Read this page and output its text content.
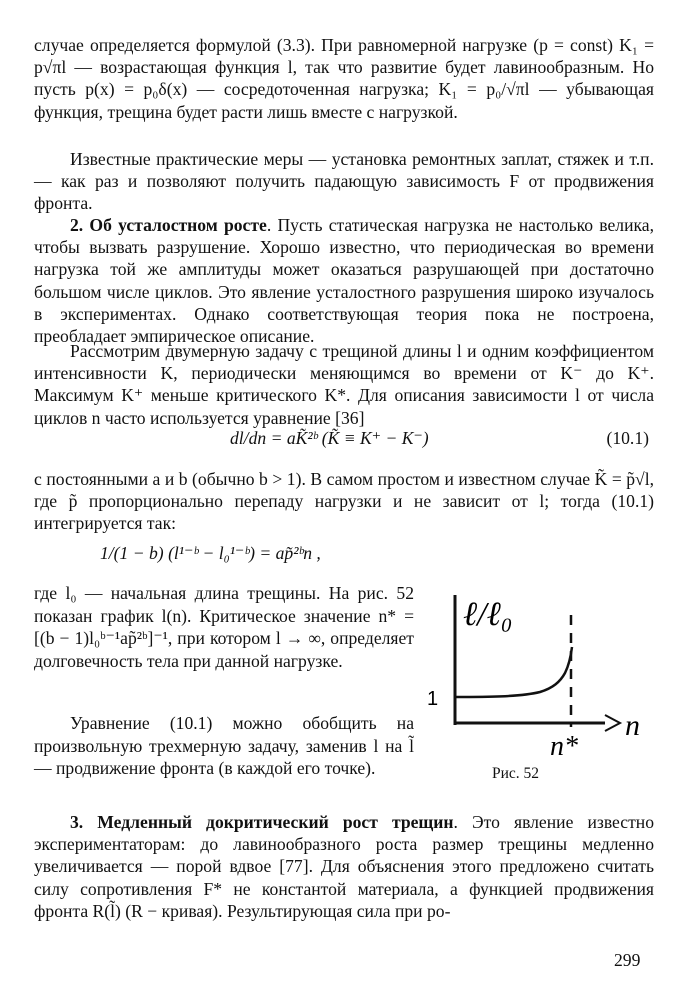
случае определяется формулой (3.3). При равномерной нагрузке (p = const) K₁ = p√πl — возрастающая функция l, так что развитие будет лавинообразным. Но пусть p(x) = p₀δ(x) — сосредоточенная нагрузка; K₁ = p₀/√πl — убывающая функция, трещина будет расти лишь вместе с нагрузкой.

Известные практические меры — установка ремонтных заплат, стяжек и т.п. — как раз и позволяют получить падающую зависимость F от продвижения фронта.

2. Об усталостном росте. Пусть статическая нагрузка не настолько велика, чтобы вызвать разрушение. Хорошо известно, что периодическая во времени нагрузка той же амплитуды может оказаться разрушающей при достаточно большом числе циклов. Это явление усталостного разрушения широко изучалось в экспериментах. Однако соответствующая теория пока не построена, преобладает эмпирическое описание.

Рассмотрим двумерную задачу с трещиной длины l и одним коэффициентом интенсивности K, периодически меняющимся во времени от K⁻ до K⁺. Максимум K⁺ меньше критического K*. Для описания зависимости l от числа циклов n часто используется уравнение [36]

dl/dn = aK̃²ᵇ (K̃ ≡ K⁺ − K⁻)	(10.1)

с постоянными a и b (обычно b > 1). В самом простом и известном случае K̃ = p̃√l, где p̃ пропорционально перепаду нагрузки и не зависит от l; тогда (10.1) интегрируется так:

1/(1 − b) (l¹⁻ᵇ − l₀¹⁻ᵇ) = ap̃²ᵇn ,

где l₀ — начальная длина трещины. На рис. 52 показан график l(n). Критическое значение n* = [(b − 1)l₀ᵇ⁻¹ap̃²ᵇ]⁻¹, при котором l → ∞, определяет долговечность тела при данной нагрузке.

Уравнение (10.1) можно обобщить на произвольную трехмерную задачу, заменив l на l̃ — продвижение фронта (в каждой его точке).

ℓ/ℓ₀
1
n
n*
Рис. 52

3. Медленный докритический рост трещин. Это явление известно экспериментаторам: до лавинообразного роста размер трещины медленно увеличивается — порой вдвое [77]. Для объяснения этого предложено считать силу сопротивления F* не константой материала, а функцией продвижения фронта R(l̃) (R − кривая). Результирующая сила при ро-

299
